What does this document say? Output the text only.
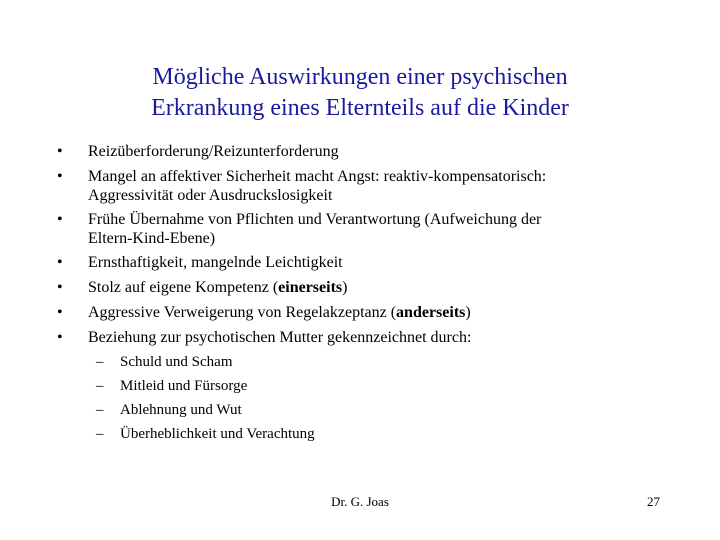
Mögliche Auswirkungen einer psychischen
Erkrankung eines Elternteils auf die Kinder
• Reizüberforderung/Reizunterforderung
• Mangel an affektiver Sicherheit macht Angst: reaktiv-kompensatorisch:
Aggressivität oder Ausdruckslosigkeit
• Frühe Übernahme von Pflichten und Verantwortung (Aufweichung der
Eltern-Kind-Ebene)
• Ernsthaftigkeit, mangelnde Leichtigkeit
• Stolz auf eigene Kompetenz (einerseits)
• Aggressive Verweigerung von Regelakzeptanz (anderseits)
• Beziehung zur psychotischen Mutter gekennzeichnet durch:
– Schuld und Scham
– Mitleid und Fürsorge
– Ablehnung und Wut
– Überheblichkeit und Verachtung
Dr. G. Joas	27
